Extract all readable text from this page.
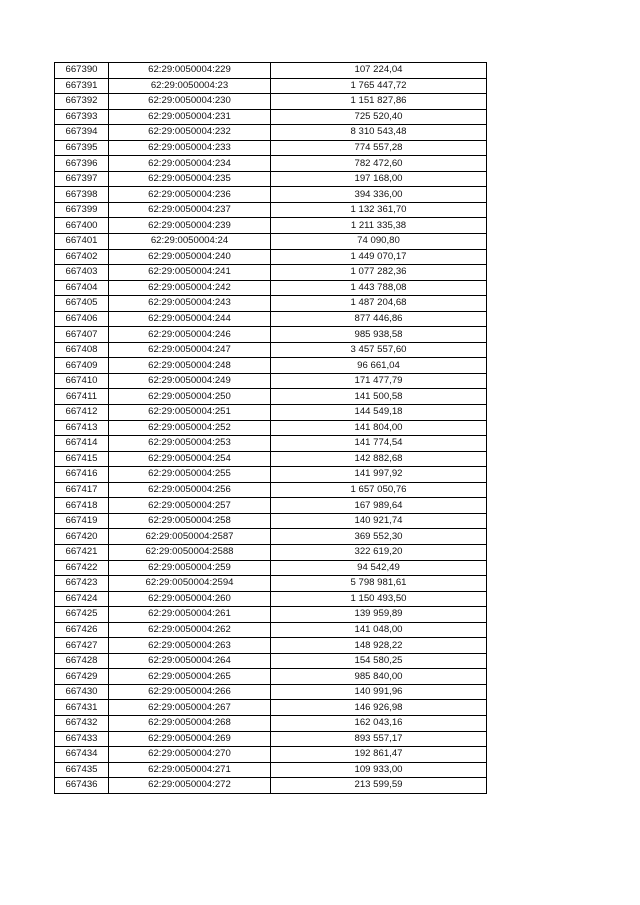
667390	62:29:0050004:229	107 224,04
667391	62:29:0050004:23	1 765 447,72
667392	62:29:0050004:230	1 151 827,86
667393	62:29:0050004:231	725 520,40
667394	62:29:0050004:232	8 310 543,48
667395	62:29:0050004:233	774 557,28
667396	62:29:0050004:234	782 472,60
667397	62:29:0050004:235	197 168,00
667398	62:29:0050004:236	394 336,00
667399	62:29:0050004:237	1 132 361,70
667400	62:29:0050004:239	1 211 335,38
667401	62:29:0050004:24	74 090,80
667402	62:29:0050004:240	1 449 070,17
667403	62:29:0050004:241	1 077 282,36
667404	62:29:0050004:242	1 443 788,08
667405	62:29:0050004:243	1 487 204,68
667406	62:29:0050004:244	877 446,86
667407	62:29:0050004:246	985 938,58
667408	62:29:0050004:247	3 457 557,60
667409	62:29:0050004:248	96 661,04
667410	62:29:0050004:249	171 477,79
667411	62:29:0050004:250	141 500,58
667412	62:29:0050004:251	144 549,18
667413	62:29:0050004:252	141 804,00
667414	62:29:0050004:253	141 774,54
667415	62:29:0050004:254	142 882,68
667416	62:29:0050004:255	141 997,92
667417	62:29:0050004:256	1 657 050,76
667418	62:29:0050004:257	167 989,64
667419	62:29:0050004:258	140 921,74
667420	62:29:0050004:2587	369 552,30
667421	62:29:0050004:2588	322 619,20
667422	62:29:0050004:259	94 542,49
667423	62:29:0050004:2594	5 798 981,61
667424	62:29:0050004:260	1 150 493,50
667425	62:29:0050004:261	139 959,89
667426	62:29:0050004:262	141 048,00
667427	62:29:0050004:263	148 928,22
667428	62:29:0050004:264	154 580,25
667429	62:29:0050004:265	985 840,00
667430	62:29:0050004:266	140 991,96
667431	62:29:0050004:267	146 926,98
667432	62:29:0050004:268	162 043,16
667433	62:29:0050004:269	893 557,17
667434	62:29:0050004:270	192 861,47
667435	62:29:0050004:271	109 933,00
667436	62:29:0050004:272	213 599,59
